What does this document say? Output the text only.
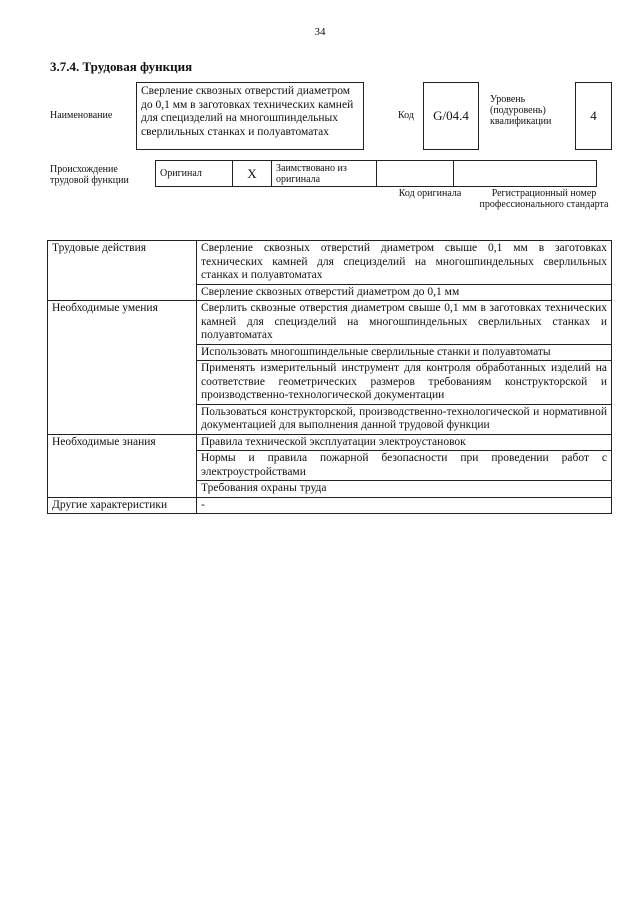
34
3.7.4. Трудовая функция
Наименование
Сверление сквозных отверстий диаметром до 0,1 мм в заготовках технических камней для специзделий на многошпиндельных сверлильных станках и полуавтоматах
Код	G/04.4
Уровень (подуровень) квалификации	4
Происхождение трудовой функции
Оригинал	X	Заимствовано из оригинала		
Код оригинала	Регистрационный номер профессионального стандарта
Трудовые действия	Сверление сквозных отверстий диаметром свыше 0,1 мм в заготовках технических камней для специзделий на многошпиндельных сверлильных станках и полуавтоматах
	Сверление сквозных отверстий диаметром до 0,1 мм
Необходимые умения	Сверлить сквозные отверстия диаметром свыше 0,1 мм в заготовках технических камней для специзделий на многошпиндельных сверлильных станках и полуавтоматах
	Использовать многошпиндельные сверлильные станки и полуавтоматы
	Применять измерительный инструмент для контроля обработанных изделий на соответствие геометрических размеров требованиям конструкторской и производственно-технологической документации
	Пользоваться конструкторской, производственно-технологической и нормативной документацией для выполнения данной трудовой функции
Необходимые знания	Правила технической эксплуатации электроустановок
	Нормы и правила пожарной безопасности при проведении работ с электроустройствами
	Требования охраны труда
Другие характеристики	-
